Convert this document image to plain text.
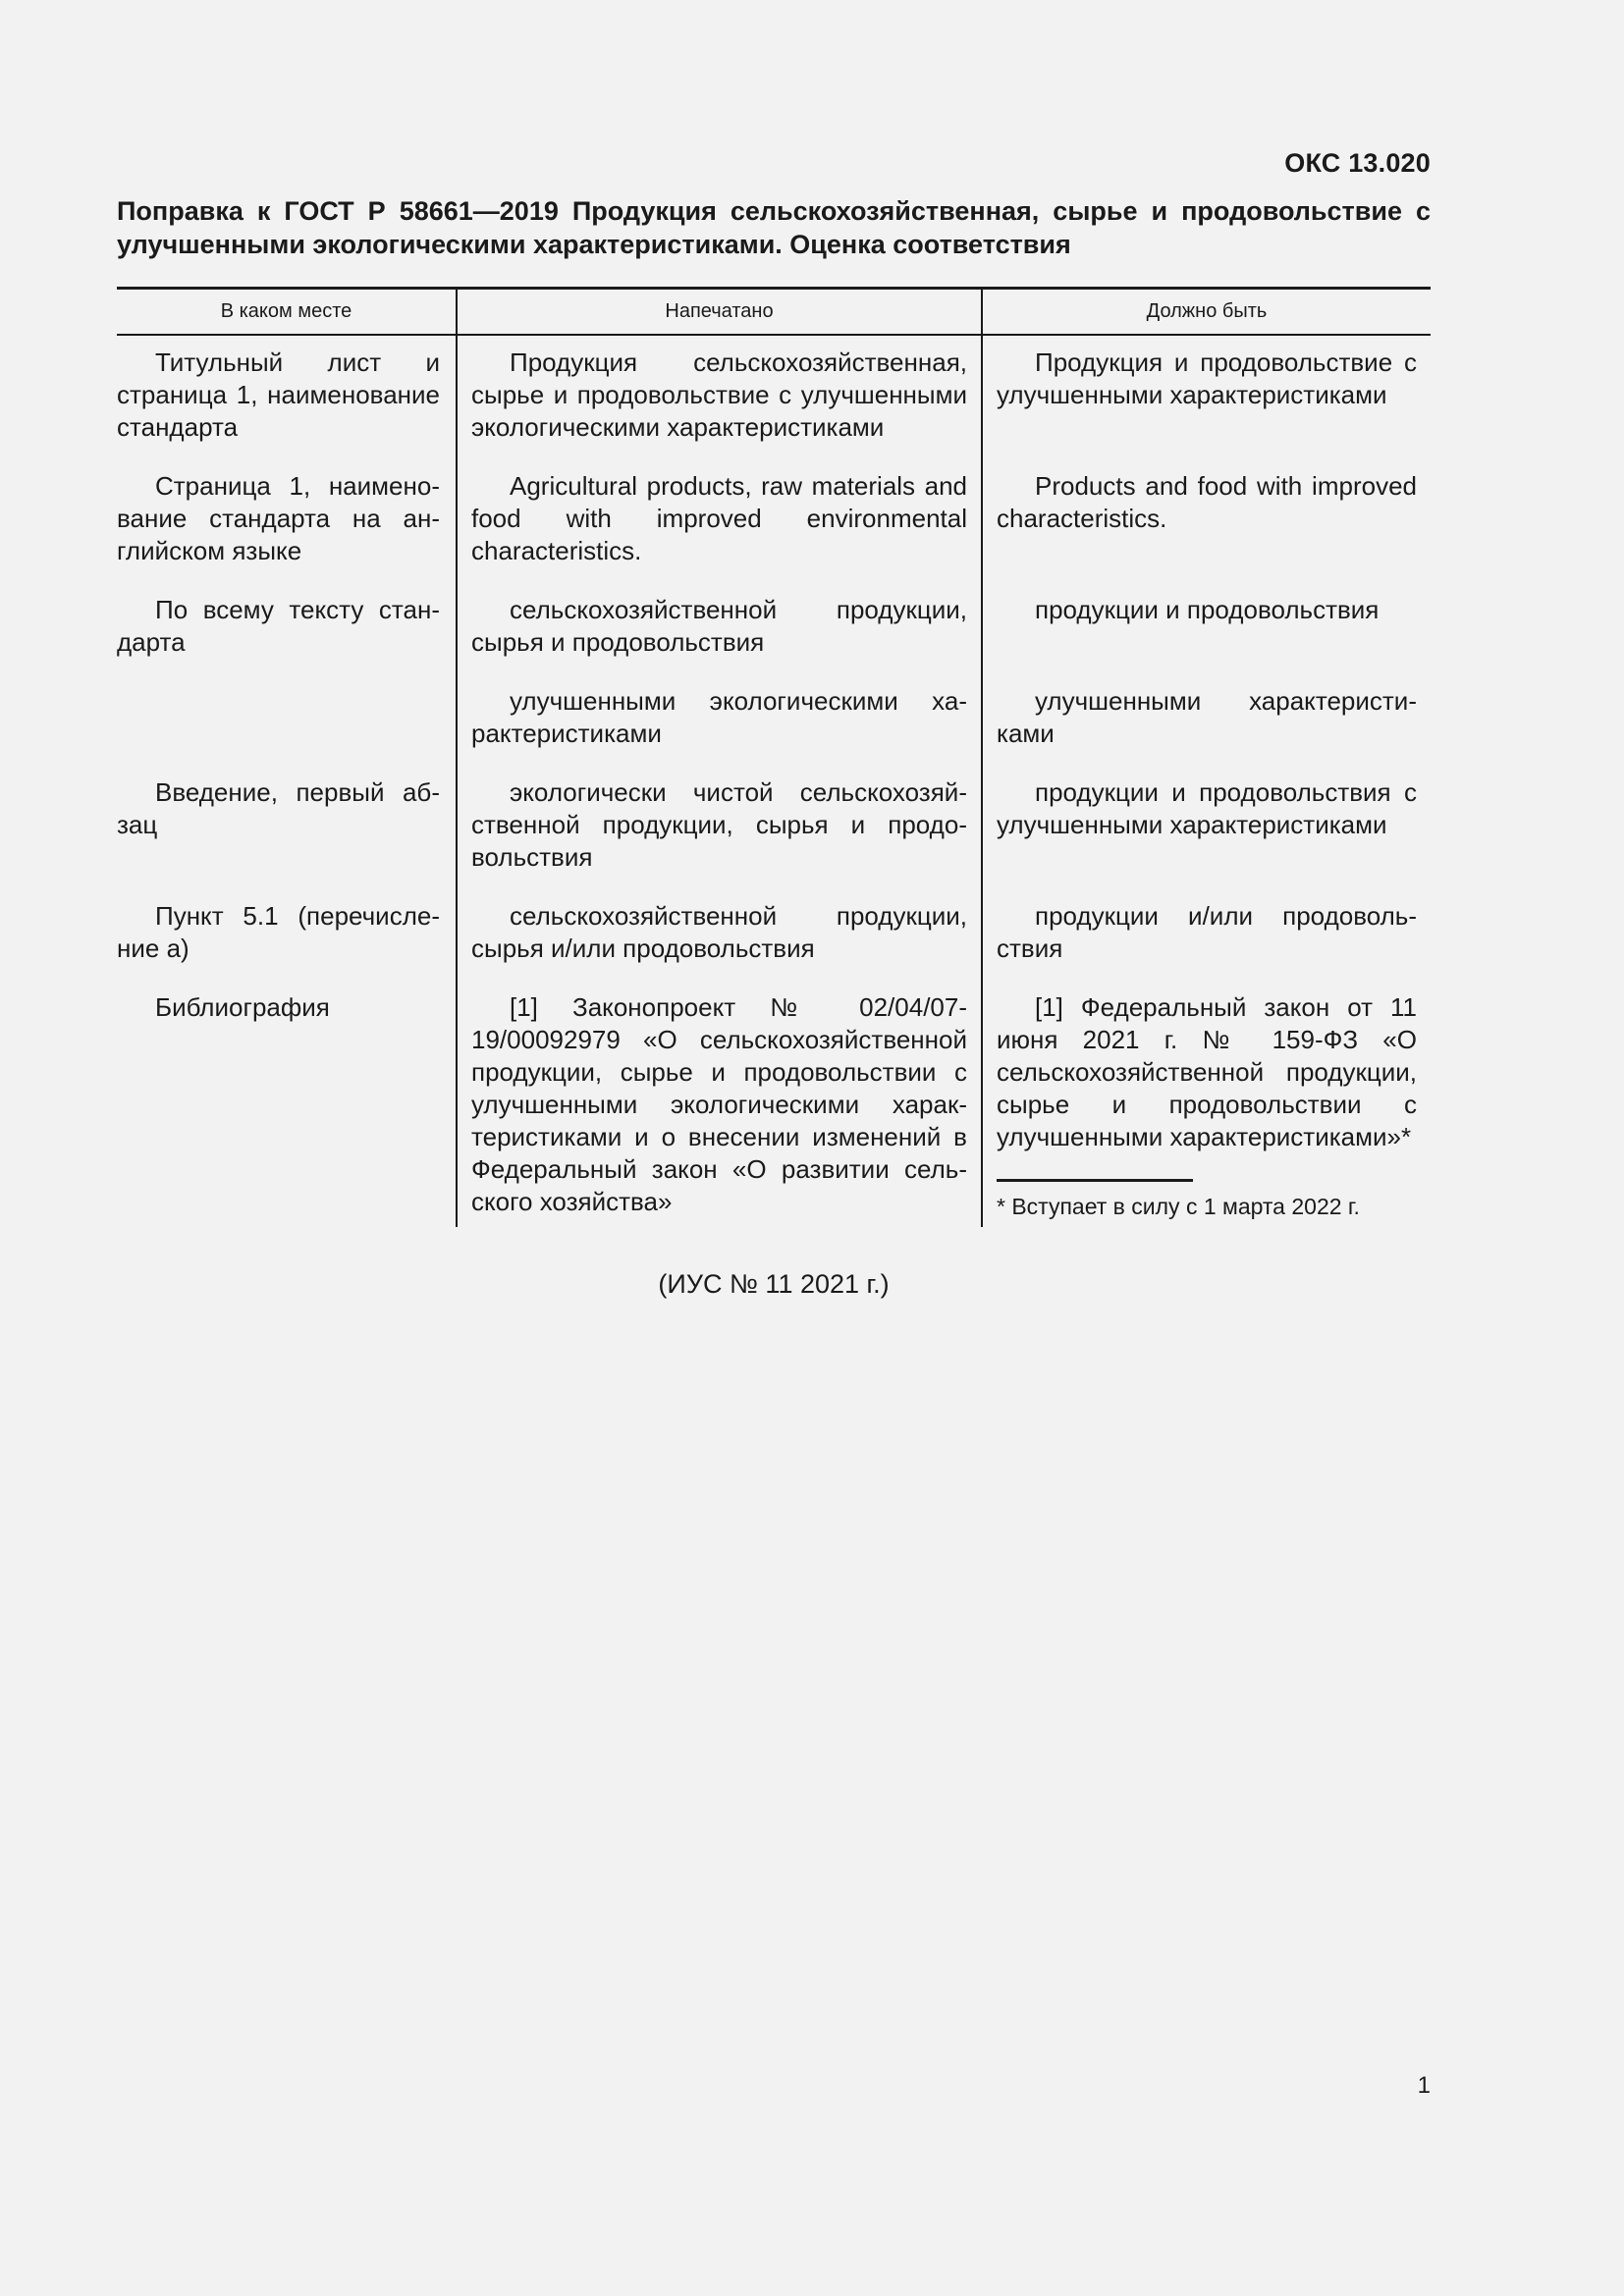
ОКС 13.020
Поправка к ГОСТ Р 58661—2019 Продукция сельскохозяйственная, сырье и продовольствие с улучшенными экологическими характеристиками. Оценка соответствия
В каком месте	Напечатано	Должно быть
Титульный лист и страница 1, наименование стандарта	Продукция сельскохозяйственная, сырье и продовольствие с улучшенными экологическими характеристиками	Продукция и продовольствие с улучшенными характеристиками
Страница 1, наименование стандарта на английском языке	Agricultural products, raw materials and food with improved environmental characteristics.	Products and food with improved characteristics.
По всему тексту стандарта	сельскохозяйственной продукции, сырья и продовольствия	продукции и продовольствия
	улучшенными экологическими характеристиками	улучшенными характеристиками
Введение, первый абзац	экологически чистой сельскохозяйственной продукции, сырья и продовольствия	продукции и продовольствия с улучшенными характеристиками
Пункт 5.1 (перечисление а)	сельскохозяйственной продукции, сырья и/или продовольствия	продукции и/или продовольствия
Библиография	[1] Законопроект № 02/04/07-19/00092979 «О сельскохозяйственной продукции, сырье и продовольствии с улучшенными экологическими характеристиками и о внесении изменений в Федеральный закон «О развитии сельского хозяйства»	[1] Федеральный закон от 11 июня 2021 г. № 159-ФЗ «О сельскохозяйственной продукции, сырье и продовольствии с улучшенными характеристиками»*
* Вступает в силу с 1 марта 2022 г.
(ИУС № 11 2021 г.)
1
